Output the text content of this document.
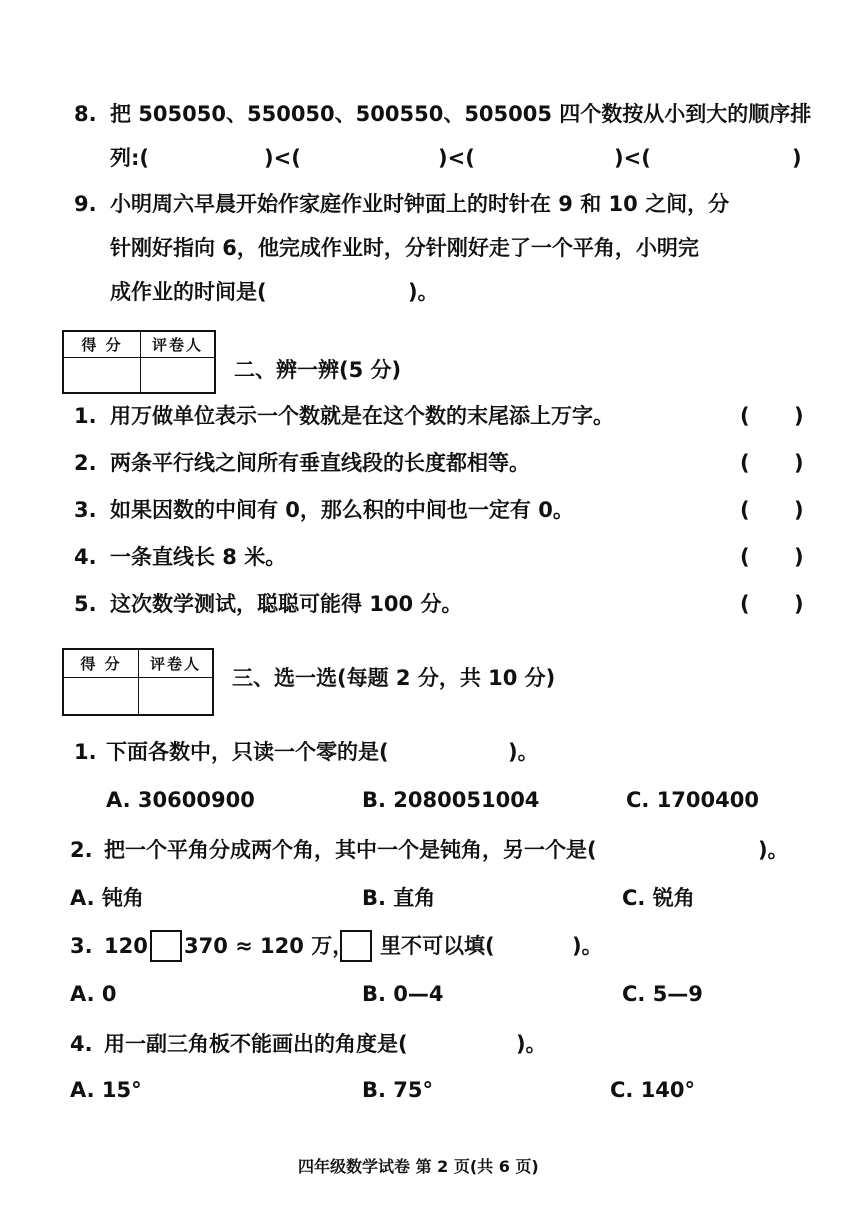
8. 把 505050、550050、500550、505005 四个数按从小到大的顺序排
列:(	)<(	)<(	)<(	)
9. 小明周六早晨开始作家庭作业时钟面上的时针在 9 和 10 之间，分
针刚好指向 6，他完成作业时，分针刚好走了一个平角，小明完
成作业的时间是(	)。
得 分	评卷人

二、辨一辨(5 分)
1. 用万做单位表示一个数就是在这个数的末尾添上万字。	( )
2. 两条平行线之间所有垂直线段的长度都相等。	( )
3. 如果因数的中间有 0，那么积的中间也一定有 0。	( )
4. 一条直线长 8 米。	( )
5. 这次数学测试，聪聪可能得 100 分。	( )
得 分	评卷人

三、选一选(每题 2 分，共 10 分)
1. 下面各数中，只读一个零的是(	)。
A. 30600900	B. 2080051004	C. 1700400
2. 把一个平角分成两个角，其中一个是钝角，另一个是(	)。
A. 钝角	B. 直角	C. 锐角
3. 120 370 ≈ 120 万， 里不可以填(	)。
A. 0	B. 0—4	C. 5—9
4. 用一副三角板不能画出的角度是(	)。
A. 15°	B. 75°	C. 140°
四年级数学试卷 第 2 页(共 6 页)
